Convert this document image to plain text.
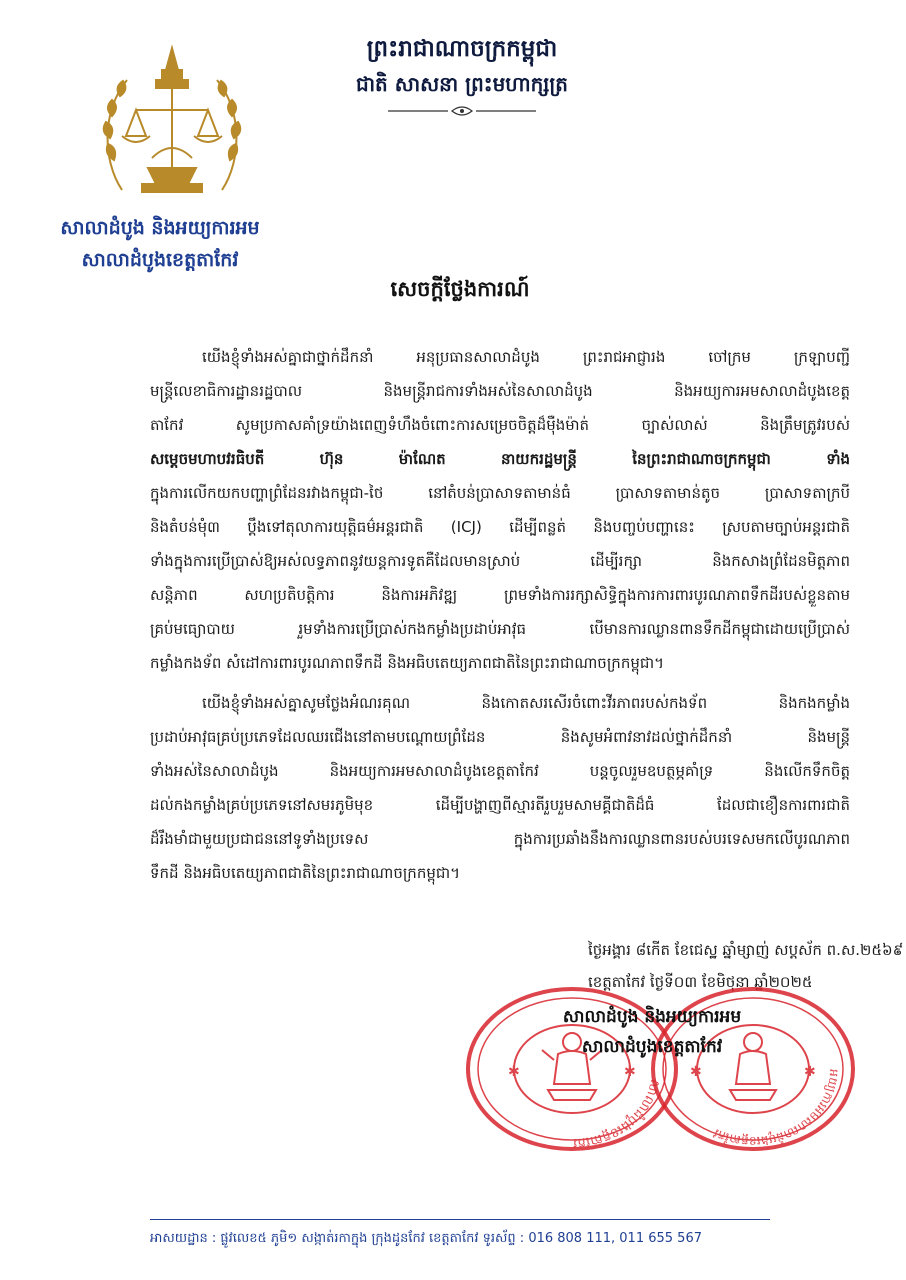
សាលាដំបូង និងអយ្យការអម
សាលាដំបូងខេត្តតាកែវ
ព្រះរាជាណាចក្រកម្ពុជា
ជាតិ សាសនា ព្រះមហាក្សត្រ
សេចក្តីថ្លែងការណ៍
យើងខ្ញុំទាំងអស់គ្នាជាថ្នាក់ដឹកនាំ អនុប្រធានសាលាដំបូង ព្រះរាជអាជ្ញារង ចៅក្រម ក្រឡាបញ្ជី
មន្ត្រីលេខាធិការដ្ឋានរដ្ឋបាល និងមន្ត្រីរាជការទាំងអស់នៃសាលាដំបូង និងអយ្យការអមសាលាដំបូងខេត្ត
តាកែវ សូមប្រកាសគាំទ្រយ៉ាងពេញទំហឹងចំពោះការសម្រេចចិត្តដ៏មុឺងម៉ាត់ ច្បាស់លាស់ និងត្រឹមត្រូវរបស់
សម្តេចមហាបវរធិបតី ហ៊ុន ម៉ាណែត នាយករដ្ឋមន្ត្រី នៃព្រះរាជាណាចក្រកម្ពុជា ទាំង
ក្នុងការលើកយកបញ្ហាព្រំដែនរវាងកម្ពុជា-ថៃ នៅតំបន់ប្រាសាទតាមាន់ធំ ប្រាសាទតាមាន់តូច ប្រាសាទតាក្របី
និងតំបន់មុំ៣ ប្តឹងទៅតុលាការយុត្តិធម៌អន្តរជាតិ (ICJ) ដើម្បីពន្លត់ និងបញ្ចប់បញ្ហានេះ ស្របតាមច្បាប់អន្តរជាតិ
ទាំងក្នុងការប្រើប្រាស់ឱ្យអស់លទ្ធភាពនូវយន្តការទូតគឺដែលមានស្រាប់ ដើម្បីរក្សា និងកសាងព្រំដែនមិត្តភាព
សន្តិភាព សហប្រតិបត្តិការ និងការអភិវឌ្ឍ ព្រមទាំងការរក្សាសិទ្ធិក្នុងការការពារបូរណភាពទឹកដីរបស់ខ្លួនតាម
គ្រប់មធ្យោបាយ រួមទាំងការប្រើប្រាស់កងកម្លាំងប្រដាប់អាវុធ បើមានការឈ្លានពានទឹកដីកម្ពុជាដោយប្រើប្រាស់
កម្លាំងកងទ័ព សំដៅការពារបូរណភាពទឹកដី និងអធិបតេយ្យភាពជាតិនៃព្រះរាជាណាចក្រកម្ពុជា។
យើងខ្ញុំទាំងអស់គ្នាសូមថ្លែងអំណរគុណ និងកោតសរសើរចំពោះវីរភាពរបស់កងទ័ព និងកងកម្លាំង
ប្រដាប់អាវុធគ្រប់ប្រភេទដែលឈរជើងនៅតាមបណ្តោយព្រំដែន និងសូមអំពាវនាវដល់ថ្នាក់ដឹកនាំ និងមន្ត្រី
ទាំងអស់នៃសាលាដំបូង និងអយ្យការអមសាលាដំបូងខេត្តតាកែវ បន្តចូលរួមឧបត្ថម្ភគាំទ្រ និងលើកទឹកចិត្ត
ដល់កងកម្លាំងគ្រប់ប្រភេទនៅសមរភូមិមុខ ដើម្បីបង្ហាញពីស្មារតីរួបរួមសាមគ្គីជាតិដ៏ធំ ដែលជាខឿនការពារជាតិ
ដ៏រឹងមាំជាមួយប្រជាជននៅទូទាំងប្រទេស ក្នុងការប្រឆាំងនឹងការឈ្លានពានរបស់បរទេសមកលើបូរណភាព
ទឹកដី និងអធិបតេយ្យភាពជាតិនៃព្រះរាជាណាចក្រកម្ពុជា។
ថ្ងៃអង្គារ ៨កើត ខែជេស្ឋ ឆ្នាំម្សាញ់ សប្តស័ក ព.ស.២៥៦៩
ខេត្តតាកែវ ថ្ងៃទី០៣ ខែមិថុនា ឆ្នាំ២០២៥
សាលាដំបូងខេត្តតាកែវ
✱	✱	អយ្យការអមសាលាដំបូងខេត្តតាកែវ
✱	✱
សាលាដំបូង និងអយ្យការអម
សាលាដំបូងខេត្តតាកែវ
អាសយដ្ឋាន : ផ្លូវលេខ៥ ភូមិ១ សង្កាត់រកាក្នុង ក្រុងដូនកែវ ខេត្តតាកែវ ទូរស័ព្ទ : 016 808 111, 011 655 567
